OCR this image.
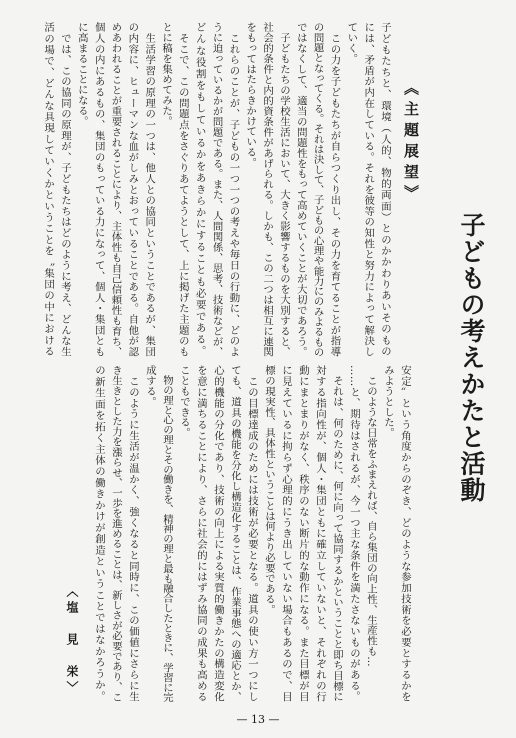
《主題展望》
子どもの考えかたと活動
子どもたちと、環境（人的、物的両面）とのかかわりあいそのもの
には、矛盾が内在している。それを彼等の知性と努力によって解決し
ていく。
　この力を子どもたちが自らつくり出し、その力を育てることが指導
の問題となってくる。それは決して、子どもの心理や能力にのみよるもの
ではなくして、適当の問題性をもって高めていくことが大切であろう。
　子どもたちの学校生活において、大きく影響するものを大別すると、
社会的条件と内的資条件があげられる。しかも、この二つは相互に連関
をもってはたらきかけている。
　これらのことが、子どもの一つ一つの考えや毎日の行動に、どのよ
うに迫っているかが問題である。また、人間関係、思考、技術などが、
どんな役割をもしているかをあきらかにすることも必要である。
　そこで、この問題点をさぐりあてようとして、上に掲げた主題のも
とに稿を集めてみた。
　生活学習の原理の一つは、他人との協同ということであるが、集団
の内容に、ヒューマンな血がしみとおっていることである。自他が認
めあわれることが重要されることにより、主体性も自己信頼性も育ち、
個人の内にあるもの、集団のもっている力になって、個人・集団とも
に高まることになる。
　では、この協同の原理が、子どもたちはどのように考え、どんな生
活の場で、どんな具現していくかということを〝集団の中における
安定〟という角度からのぞき、どのような参加技術を必要とするかを
みようとした。
　このような日常をふまえれば、自ら集団の向上性、生産性も…
……と、期待はされるが、今一つ主な条件を満たさないものがある。
　それは、何のために、何に向って協同するかということと即ち目標に
対する指向性が、個人・集団ともに確立していないと、それぞれの行
動にまとまりがなく、秩序のない断片的な動作になる。また目標が目
に見えているに拘らず心理的にうき出していない場合もあるので、目
標の現実性、具体性ということは何より必要である。
　この目標達成のためには技術が必要となる。道具の使い方一つにし
ても、道具の機能を分化し構造化することは、作業事態への適応とか、
心的機能の分化であり、技術の向上による実質的働きかたの構造変化
を意に満ちることにより、さらに社会的にはずみ協同の成果も高める
こともできる。
　物の理と心の理とその働きを、精神の理と最も融合したときに、学習に完
成する。
　このように生活が温かく、強くなると同時に、この価値にさらに生
き生きとした力を漲らせ、一歩を進めることは、新しさが必要であり、こ
の新生面を拓く主体の働きかけが創造ということではなかろうか。
〈塩　見　栄〉
— 13 —
